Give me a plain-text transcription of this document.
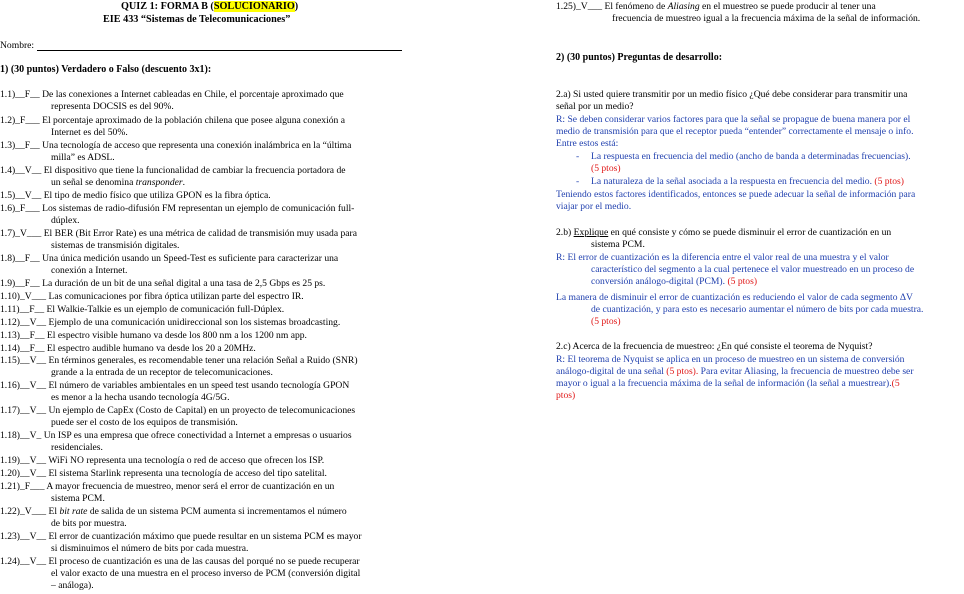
QUIZ 1: FORMA B (SOLUCIONARIO)
EIE 433 “Sistemas de Telecomunicaciones”
Nombre:
1) (30 puntos) Verdadero o Falso (descuento 3x1):
1.1)__F__ De las conexiones a Internet cableadas en Chile, el porcentaje aproximado que
representa DOCSIS es del 90%.
1.2)_F___ El porcentaje aproximado de la población chilena que posee alguna conexión a
Internet es del 50%.
1.3)__F__ Una tecnología de acceso que representa una conexión inalámbrica en la “última
milla” es ADSL.
1.4)__V__ El dispositivo que tiene la funcionalidad de cambiar la frecuencia portadora de
un señal se denomina transponder.
1.5)__V__ El tipo de medio físico que utiliza GPON es la fibra óptica.
1.6)_F___ Los sistemas de radio-difusión FM representan un ejemplo de comunicación full-
dúplex.
1.7)_V___ El BER (Bit Error Rate) es una métrica de calidad de transmisión muy usada para
sistemas de transmisión digitales.
1.8)__F__ Una única medición usando un Speed-Test es suficiente para caracterizar una
conexión a Internet.
1.9)__F__ La duración de un bit de una señal digital a una tasa de 2,5 Gbps es 25 ps.
1.10)_V___ Las comunicaciones por fibra óptica utilizan parte del espectro IR.
1.11)__F__ El Walkie-Talkie es un ejemplo de comunicación full-Dúplex.
1.12)__V__ Ejemplo de una comunicación unidireccional son los sistemas broadcasting.
1.13)__F__ El espectro visible humano va desde los 800 nm a los 1200 nm app.
1.14)__F__ El espectro audible humano va desde los 20 a 20MHz.
1.15)__V__ En términos generales, es recomendable tener una relación Señal a Ruido (SNR)
grande a la entrada de un receptor de telecomunicaciones.
1.16)__V__ El número de variables ambientales en un speed test usando tecnología GPON
es menor a la hecha usando tecnología 4G/5G.
1.17)__V__ Un ejemplo de CapEx (Costo de Capital) en un proyecto de telecomunicaciones
puede ser el costo de los equipos de transmisión.
1.18)__V_ Un ISP es una empresa que ofrece conectividad a Internet a empresas o usuarios
residenciales.
1.19)__V__ WiFi NO representa una tecnología o red de acceso que ofrecen los ISP.
1.20)__V__ El sistema Starlink representa una tecnología de acceso del tipo satelital.
1.21)_F___ A mayor frecuencia de muestreo, menor será el error de cuantización en un
sistema PCM.
1.22)_V___ El bit rate de salida de un sistema PCM aumenta si incrementamos el número
de bits por muestra.
1.23)__V__ El error de cuantización máximo que puede resultar en un sistema PCM es mayor
si disminuimos el número de bits por cada muestra.
1.24)__V__ El proceso de cuantización es una de las causas del porqué no se puede recuperar
el valor exacto de una muestra en el proceso inverso de PCM (conversión digital
– análoga).
1.25)_V___ El fenómeno de Aliasing en el muestreo se puede producir al tener una
frecuencia de muestreo igual a la frecuencia máxima de la señal de información.
2) (30 puntos) Preguntas de desarrollo:
2.a) Si usted quiere transmitir por un medio físico ¿Qué debe considerar para transmitir una
señal por un medio?
R: Se deben considerar varios factores para que la señal se propague de buena manera por el
medio de transmisión para que el receptor pueda “entender” correctamente el mensaje o info.
Entre estos está:
- La respuesta en frecuencia del medio (ancho de banda a determinadas frecuencias).
(5 ptos)
- La naturaleza de la señal asociada a la respuesta en frecuencia del medio. (5 ptos)
Teniendo estos factores identificados, entonces se puede adecuar la señal de información para
viajar por el medio.
2.b) Explique en qué consiste y cómo se puede disminuir el error de cuantización en un
sistema PCM.
R: El error de cuantización es la diferencia entre el valor real de una muestra y el valor
característico del segmento a la cual pertenece el valor muestreado en un proceso de
conversión análogo-digital (PCM). (5 ptos)
La manera de disminuir el error de cuantización es reduciendo el valor de cada segmento ΔV
de cuantización, y para esto es necesario aumentar el número de bits por cada muestra.
(5 ptos)
2.c) Acerca de la frecuencia de muestreo: ¿En qué consiste el teorema de Nyquist?
R: El teorema de Nyquist se aplica en un proceso de muestreo en un sistema de conversión
análogo-digital de una señal (5 ptos). Para evitar Aliasing, la frecuencia de muestreo debe ser
mayor o igual a la frecuencia máxima de la señal de información (la señal a muestrear).(5
ptos)
